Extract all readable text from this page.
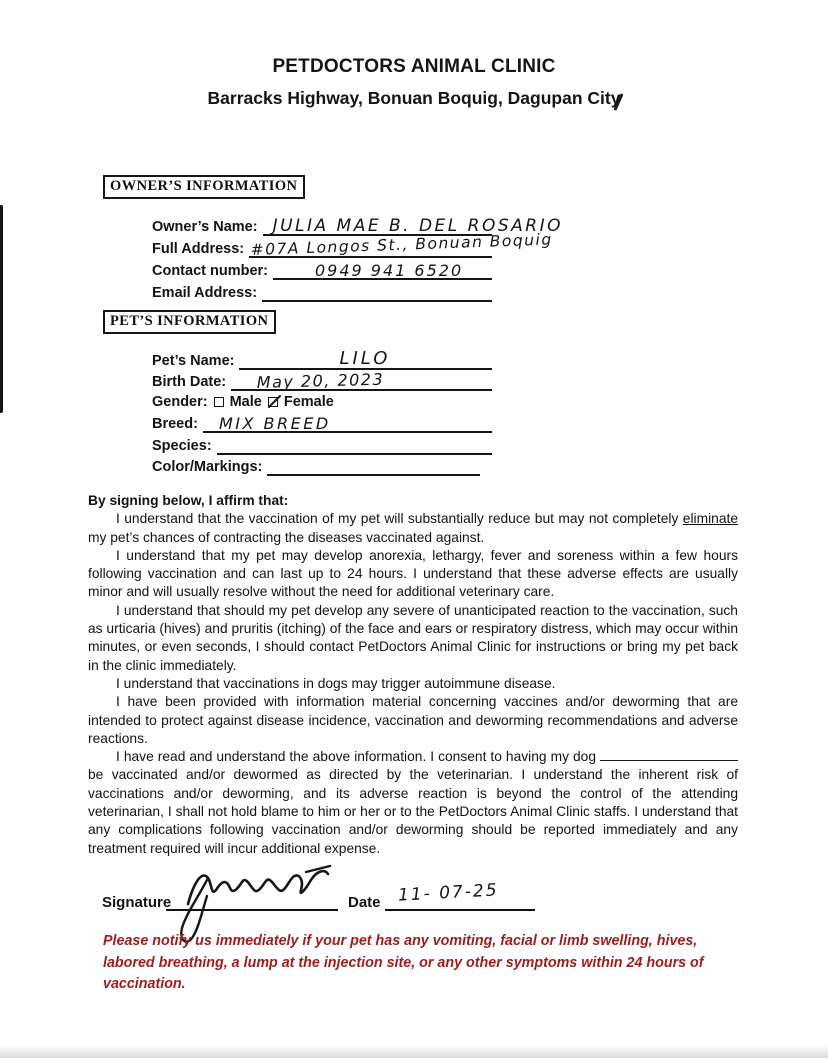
PETDOCTORS ANIMAL CLINIC
Barracks Highway, Bonuan Boquig, Dagupan City
OWNER’S INFORMATION
Owner’s Name: JULIA MAE B. DEL ROSARIO
Full Address: #07A Longos St., Bonuan Boquig
Contact number:	0949 941 6520
Email Address:
PET’S INFORMATION
Pet’s Name:	LILO
Birth Date: May 20, 2023
Gender: Male Female
Breed: MIX BREED
Species:
Color/Markings:
By signing below, I affirm that:

I understand that the vaccination of my pet will substantially reduce but may not completely eliminate my pet’s chances of contracting the diseases vaccinated against.

I understand that my pet may develop anorexia, lethargy, fever and soreness within a few hours following vaccination and can last up to 24 hours. I understand that these adverse effects are usually minor and will usually resolve without the need for additional veterinary care.

I understand that should my pet develop any severe of unanticipated reaction to the vaccination, such as urticaria (hives) and pruritis (itching) of the face and ears or respiratory distress, which may occur within minutes, or even seconds, I should contact PetDoctors Animal Clinic for instructions or bring my pet back in the clinic immediately.

I understand that vaccinations in dogs may trigger autoimmune disease.

I have been provided with information material concerning vaccines and/or deworming that are intended to protect against disease incidence, vaccination and deworming recommendations and adverse reactions.

I have read and understand the above information. I consent to having my dog be vaccinated and/or dewormed as directed by the veterinarian. I understand the inherent risk of vaccinations and/or deworming, and its adverse reaction is beyond the control of the attending veterinarian, I shall not hold blame to him or her or to the PetDoctors Animal Clinic staffs. I understand that any complications following vaccination and/or deworming should be reported immediately and any treatment required will incur additional expense.

Signature	Date 11- 07-25
Please notify us immediately if your pet has any vomiting, facial or limb swelling, hives, labored breathing, a lump at the injection site, or any other symptoms within 24 hours of vaccination.
